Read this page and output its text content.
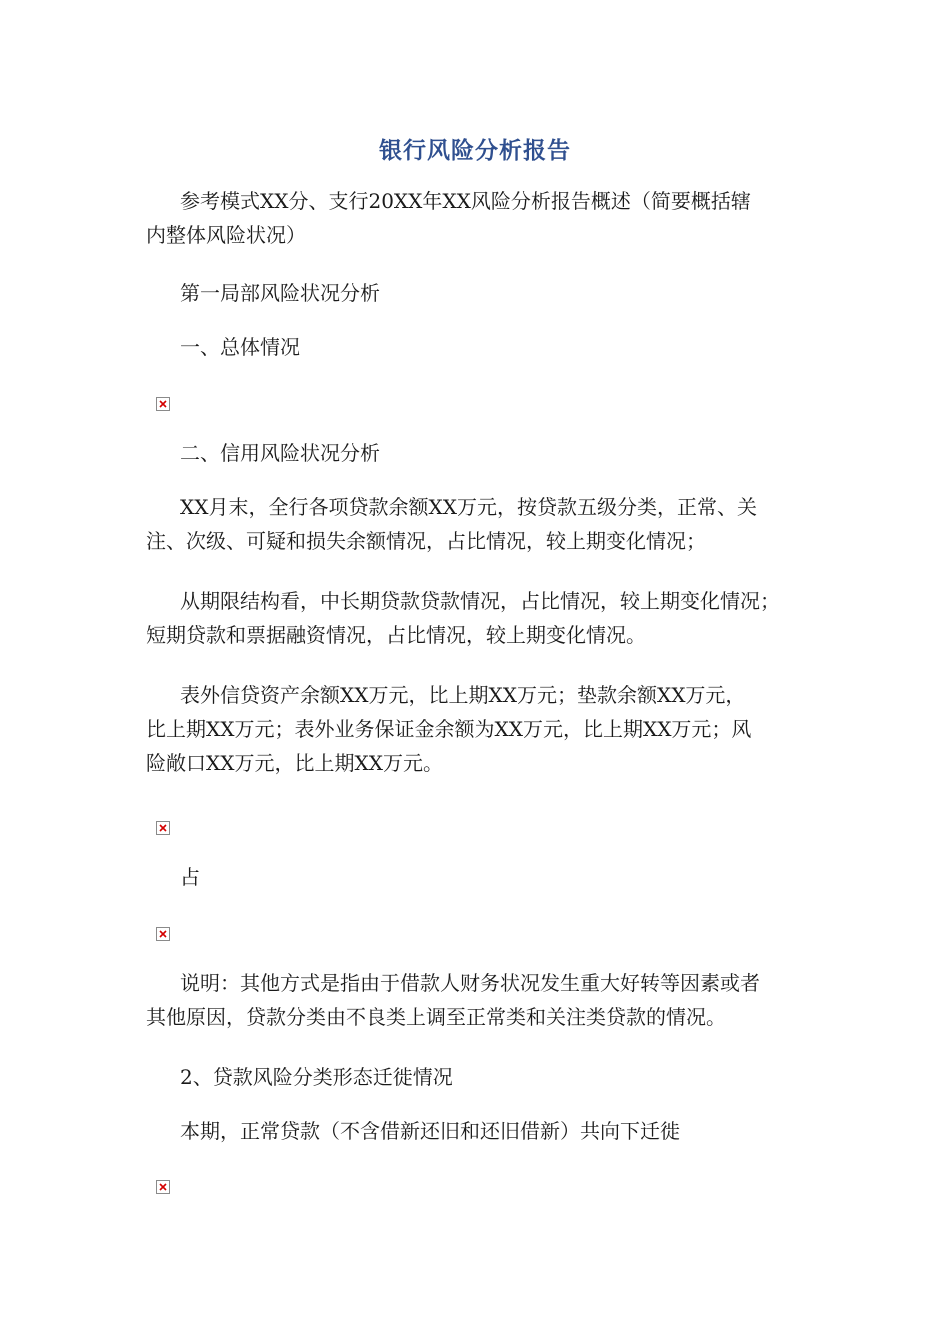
银行风险分析报告
参考模式XX分、支行20XX年XX风险分析报告概述（简要概括辖
内整体风险状况）
第一局部风险状况分析
一、总体情况
二、信用风险状况分析
XX月末，全行各项贷款余额XX万元，按贷款五级分类，正常、关
注、次级、可疑和损失余额情况，占比情况，较上期变化情况；
从期限结构看，中长期贷款贷款情况，占比情况，较上期变化情况；
短期贷款和票据融资情况，占比情况，较上期变化情况。
表外信贷资产余额XX万元，比上期XX万元；垫款余额XX万元，
比上期XX万元；表外业务保证金余额为XX万元，比上期XX万元；风
险敞口XX万元，比上期XX万元。
占
说明：其他方式是指由于借款人财务状况发生重大好转等因素或者
其他原因，贷款分类由不良类上调至正常类和关注类贷款的情况。
2、贷款风险分类形态迁徙情况
本期，正常贷款（不含借新还旧和还旧借新）共向下迁徙
